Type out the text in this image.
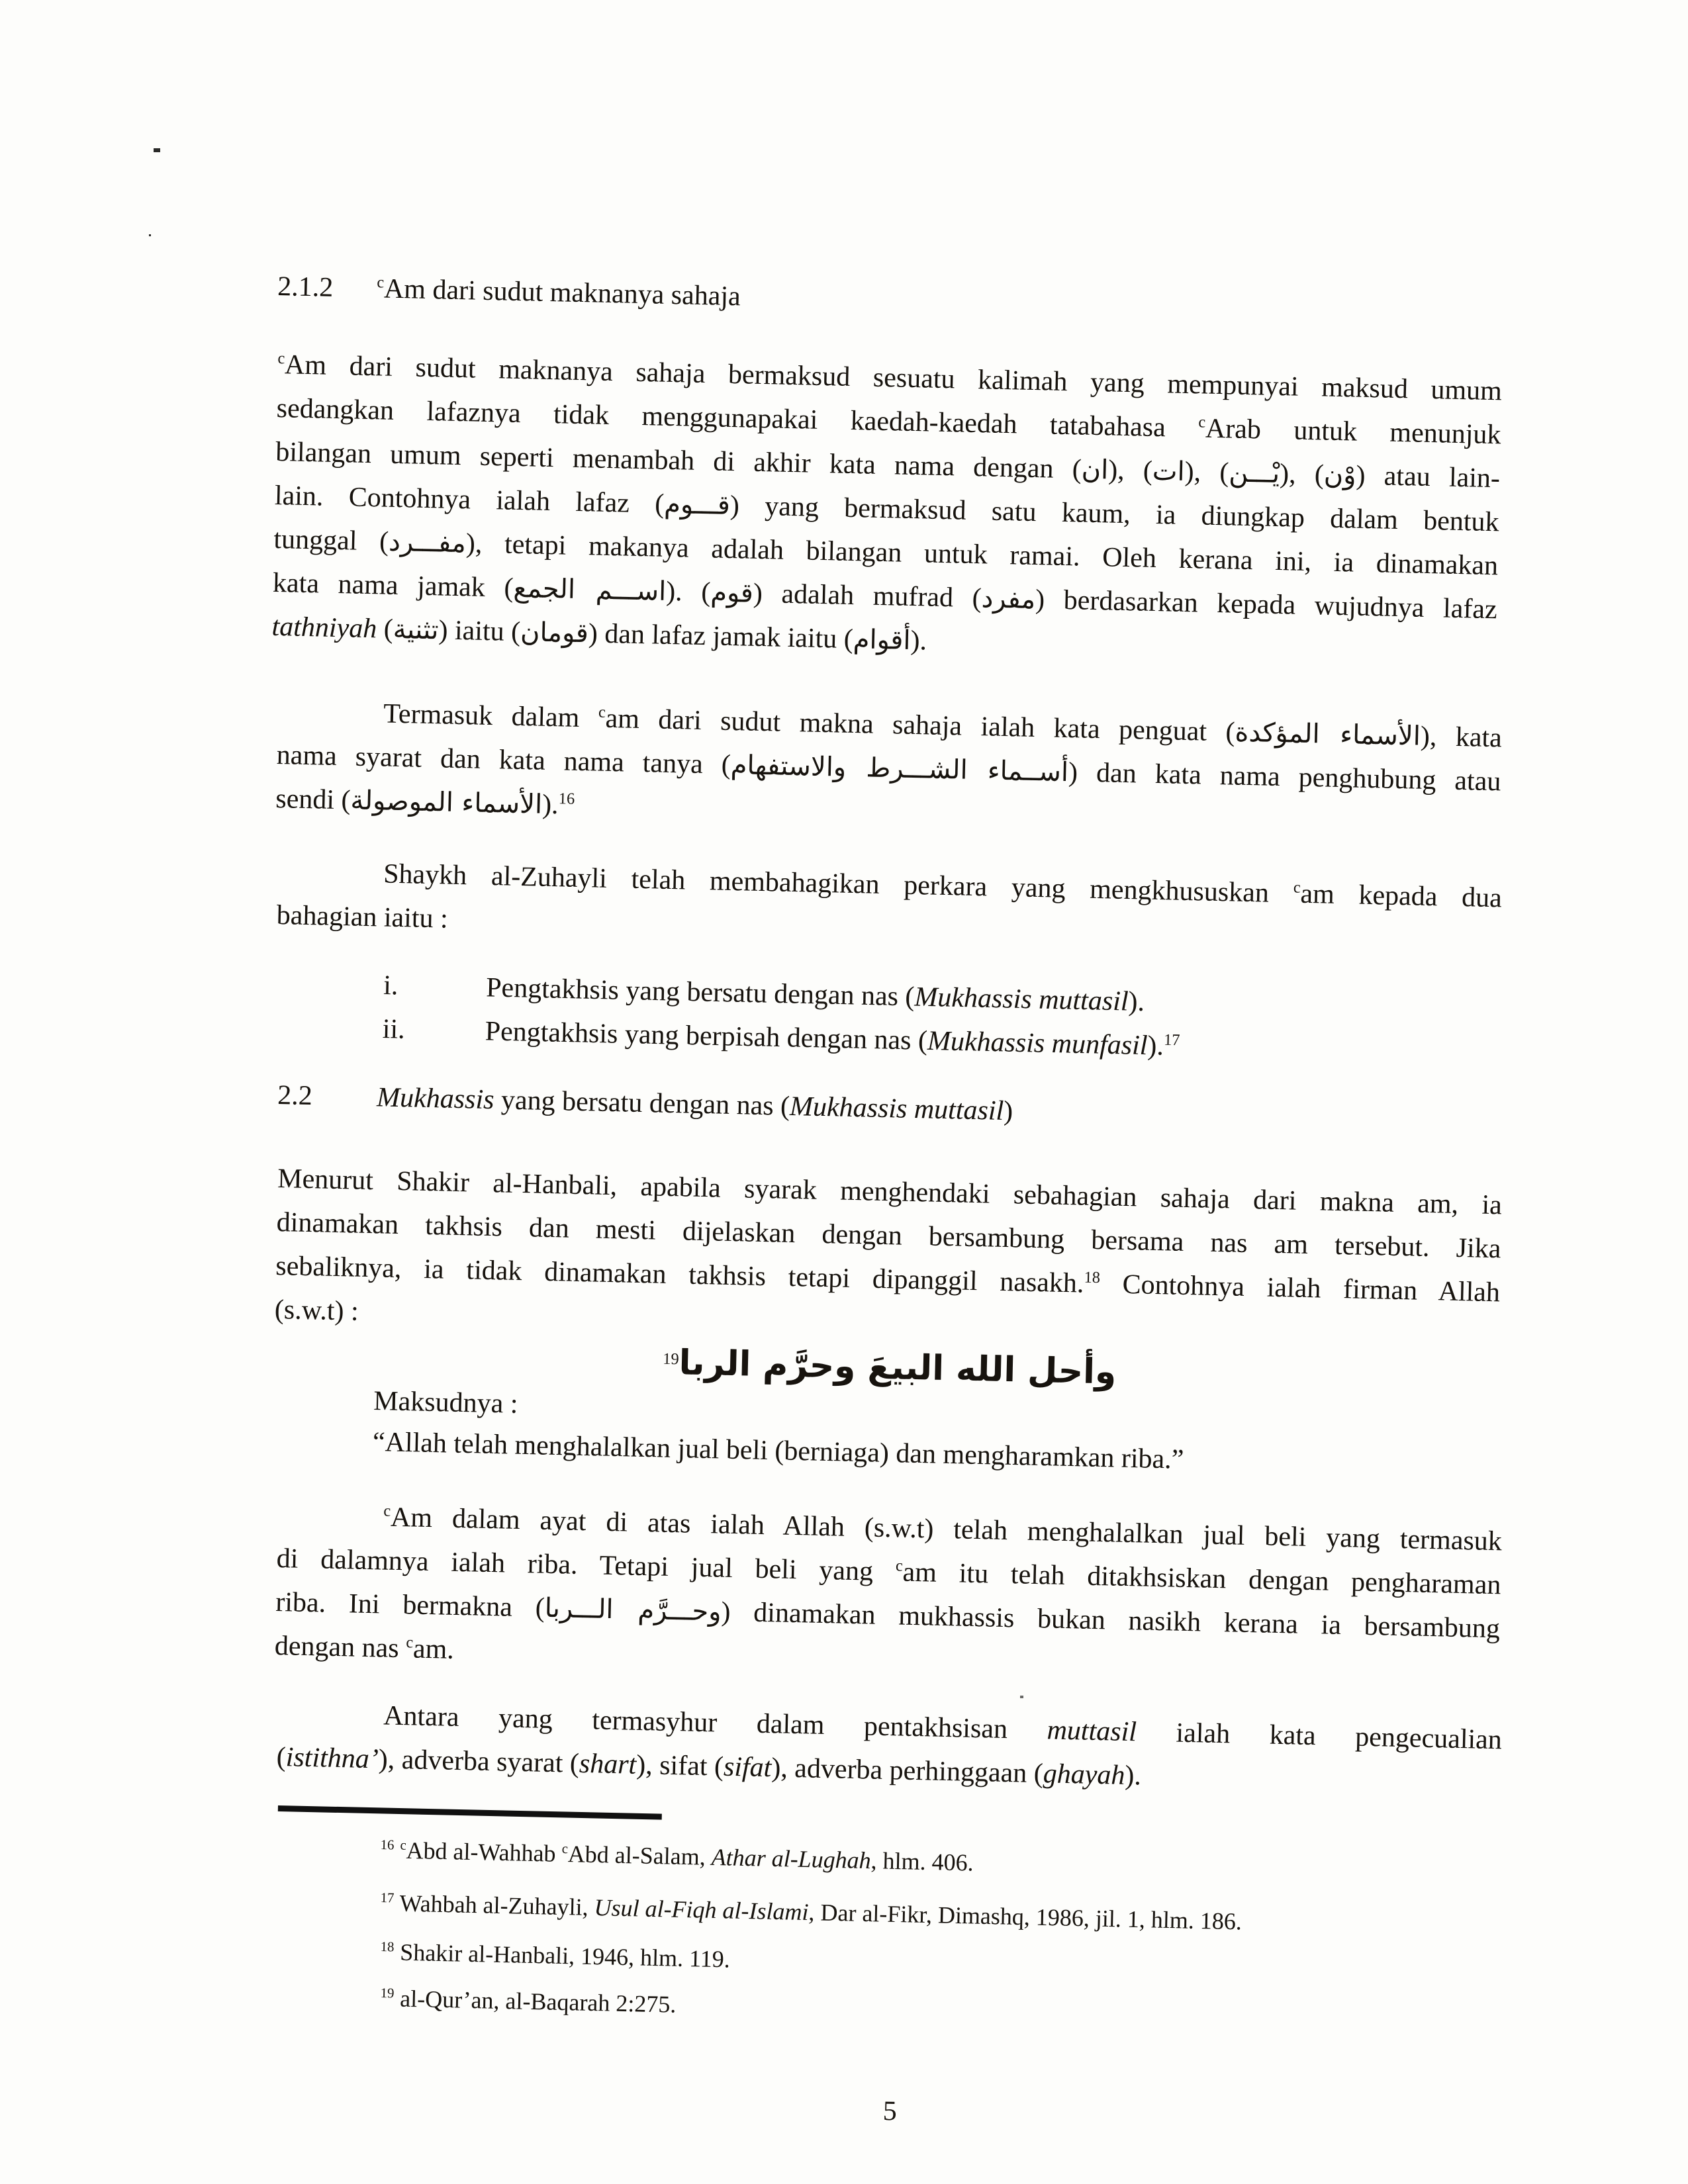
5
2.1.2	$^c$Am dari sudut maknanya sahaja
$^c$Am dari sudut maknanya sahaja bermaksud sesuatu kalimah yang mempunyai maksud umum
sedangkan lafaznya tidak menggunapakai kaedah-kaedah tatabahasa $^c$Arab untuk menunjuk
bilangan umum seperti menambah di akhir kata nama dengan (ان), (ات), (يْـــن), (وْن) atau lain-
lain. Contohnya ialah lafaz (قـــوم) yang bermaksud satu kaum, ia diungkap dalam bentuk
tunggal (مفـــرد), tetapi makanya adalah bilangan untuk ramai. Oleh kerana ini, ia dinamakan
kata nama jamak (اســـم الجمع). (قوم) adalah mufrad (مفرد) berdasarkan kepada wujudnya lafaz
tathniyah (تثنية) iaitu (قومان) dan lafaz jamak iaitu (أقوام).
Termasuk dalam $^c$am dari sudut makna sahaja ialah kata penguat (الأسماء المؤكدة), kata
nama syarat dan kata nama tanya (أســماء الشـــرط والاستفهام) dan kata nama penghubung atau
sendi (الأسماء الموصولة).$^{16}$
Shaykh al-Zuhayli telah membahagikan perkara yang mengkhususkan $^c$am kepada dua
bahagian iaitu :
i.	Pengtakhsis yang bersatu dengan nas (Mukhassis muttasil).
ii.	Pengtakhsis yang berpisah dengan nas (Mukhassis munfasil).$^{17}$
2.2 Mukhassis yang bersatu dengan nas (Mukhassis muttasil)
Menurut Shakir al-Hanbali, apabila syarak menghendaki sebahagian sahaja dari makna am, ia
dinamakan takhsis dan mesti dijelaskan dengan bersambung bersama nas am tersebut. Jika
sebaliknya, ia tidak dinamakan takhsis tetapi dipanggil nasakh.$^{18}$ Contohnya ialah firman Allah
(s.w.t) :
$^{19}$وأحل الله البيعَ وحرَّم الربا
Maksudnya :
“Allah telah menghalalkan jual beli (berniaga) dan mengharamkan riba.”
$^c$Am dalam ayat di atas ialah Allah (s.w.t) telah menghalalkan jual beli yang termasuk
di dalamnya ialah riba. Tetapi jual beli yang $^c$am itu telah ditakhsiskan dengan pengharaman
riba. Ini bermakna (وحـــرَّم الـــربا) dinamakan mukhassis bukan nasikh kerana ia bersambung
dengan nas $^c$am.
Antara yang termasyhur dalam pentakhsisan muttasil ialah kata pengecualian
(istithna’), adverba syarat (shart), sifat (sifat), adverba perhinggaan (ghayah).
$^{16}$ $^c$Abd al-Wahhab $^c$Abd al-Salam, Athar al-Lughah, hlm. 406.
$^{17}$ Wahbah al-Zuhayli, Usul al-Fiqh al-Islami, Dar al-Fikr, Dimashq, 1986, jil. 1, hlm. 186.
$^{18}$ Shakir al-Hanbali, 1946, hlm. 119.
$^{19}$ al-Qur’an, al-Baqarah 2:275.
